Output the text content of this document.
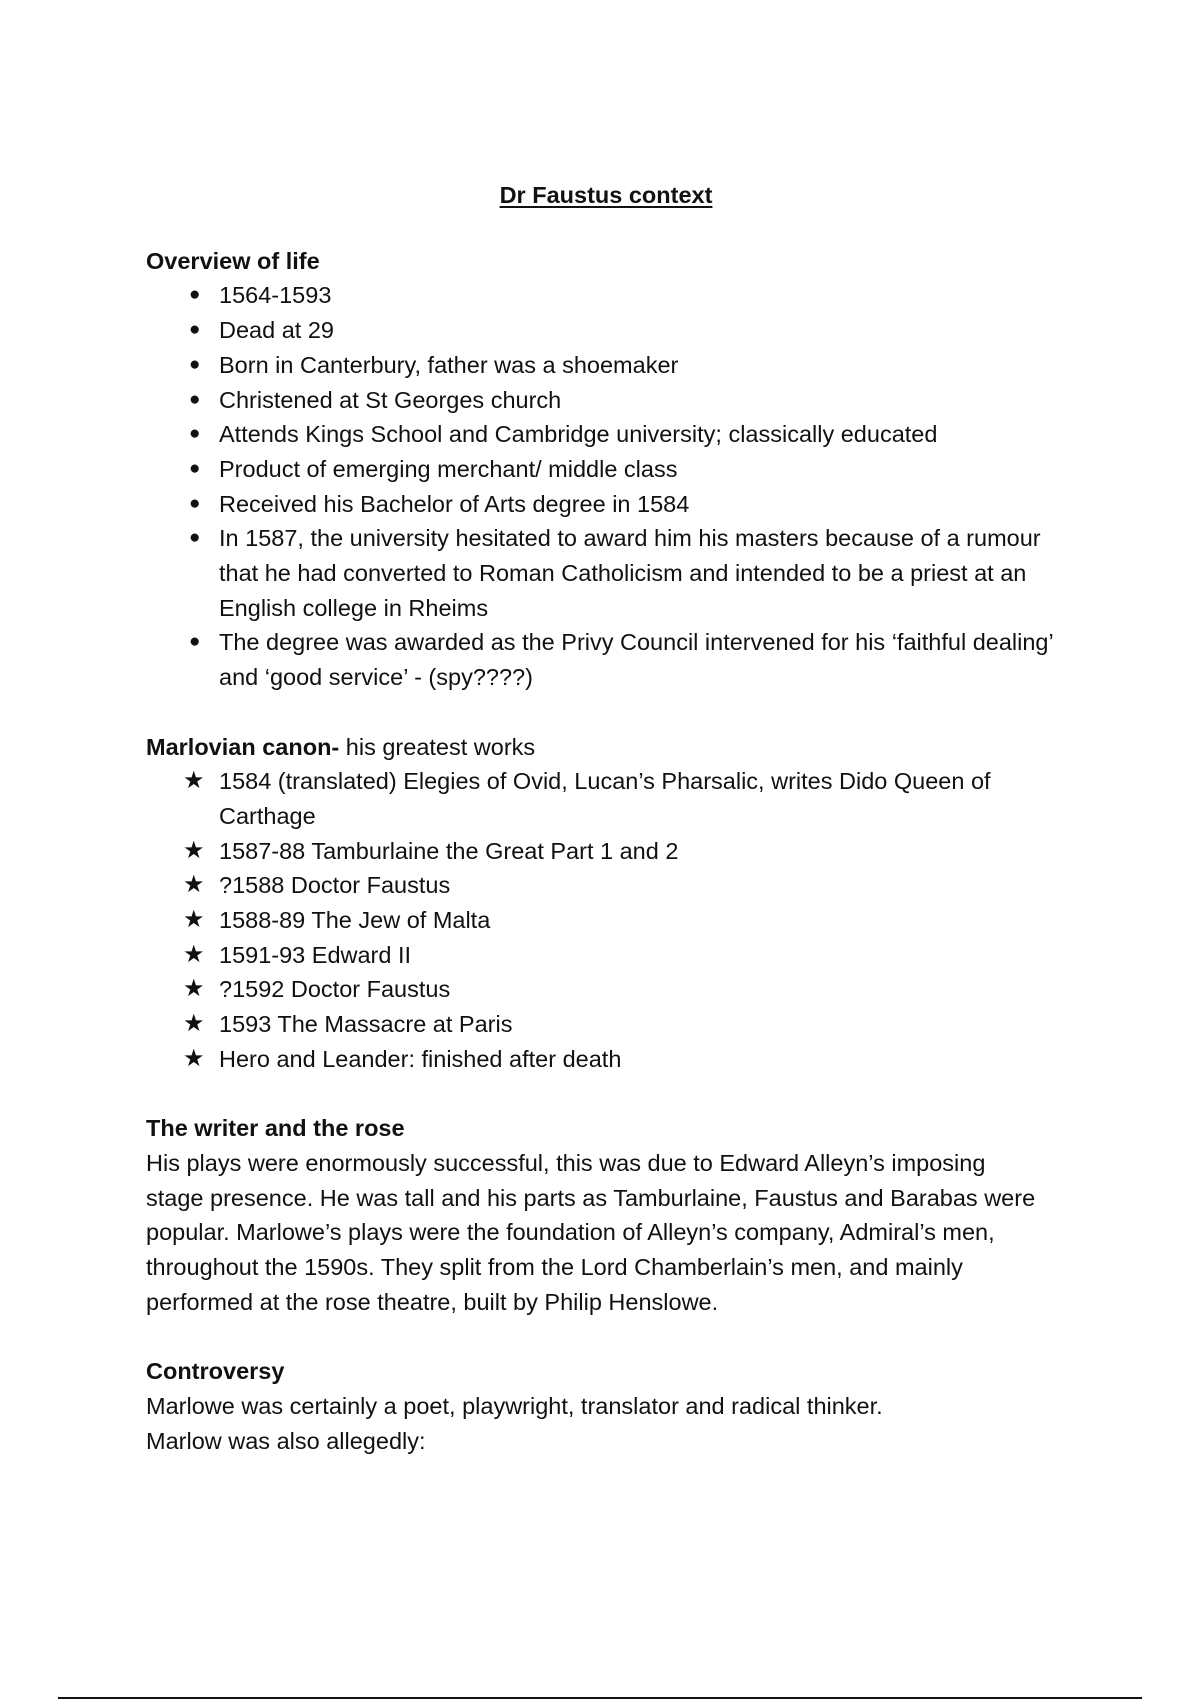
Dr Faustus context
Overview of life
● 1564-1593
● Dead at 29
● Born in Canterbury, father was a shoemaker
● Christened at St Georges church
● Attends Kings School and Cambridge university; classically educated
● Product of emerging merchant/ middle class
● Received his Bachelor of Arts degree in 1584
● In 1587, the university hesitated to award him his masters because of a rumour that he had converted to Roman Catholicism and intended to be a priest at an English college in Rheims
● The degree was awarded as the Privy Council intervened for his ‘faithful dealing’ and ‘good service’ - (spy????)
Marlovian canon- his greatest works
★ 1584 (translated) Elegies of Ovid, Lucan’s Pharsalic, writes Dido Queen of Carthage
★ 1587-88 Tamburlaine the Great Part 1 and 2
★ ?1588 Doctor Faustus
★ 1588-89 The Jew of Malta
★ 1591-93 Edward II
★ ?1592 Doctor Faustus
★ 1593 The Massacre at Paris
★ Hero and Leander: finished after death
The writer and the rose

His plays were enormously successful, this was due to Edward Alleyn’s imposing stage presence. He was tall and his parts as Tamburlaine, Faustus and Barabas were popular. Marlowe’s plays were the foundation of Alleyn’s company, Admiral’s men, throughout the 1590s. They split from the Lord Chamberlain’s men, and mainly performed at the rose theatre, built by Philip Henslowe.

Controversy
Marlowe was certainly a poet, playwright, translator and radical thinker.
Marlow was also allegedly:
